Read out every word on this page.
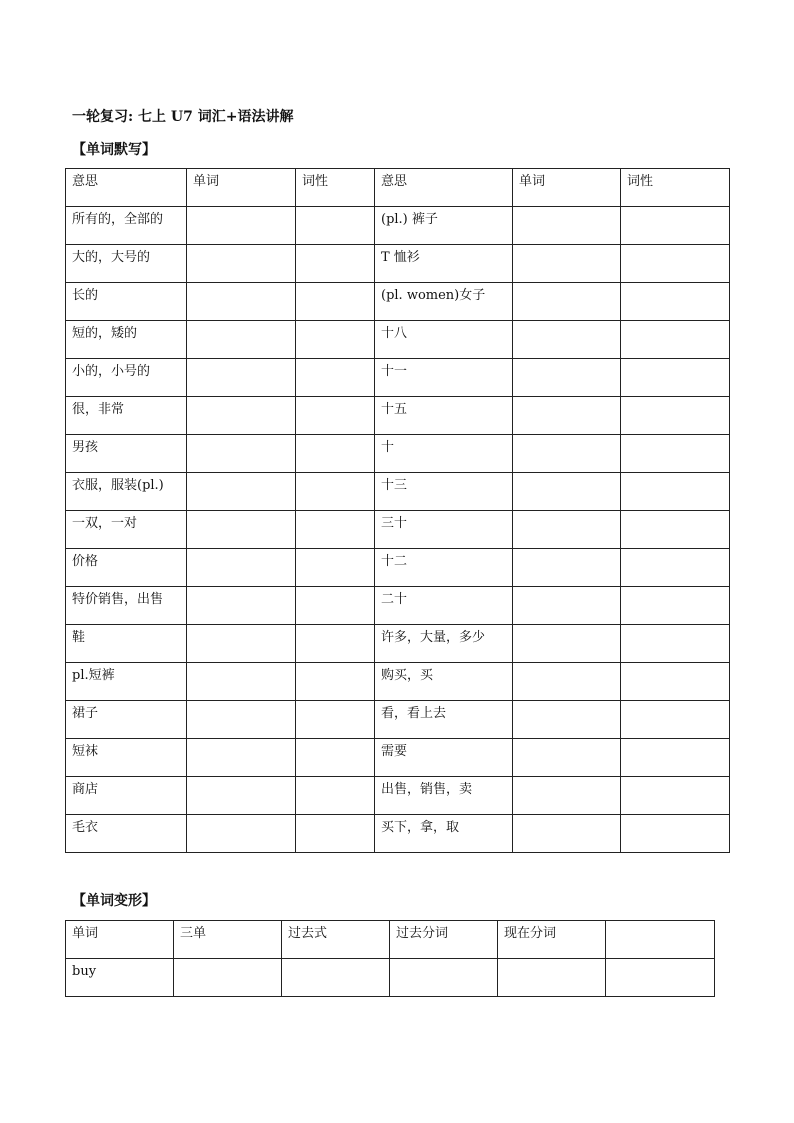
一轮复习: 七上 U7 词汇+语法讲解
【单词默写】
意思	单词	词性	意思	单词	词性
所有的，全部的			(pl.) 裤子		
大的，大号的			T 恤衫		
长的			(pl. women)女子		
短的，矮的			十八		
小的，小号的			十一		
很，非常			十五		
男孩			十		
衣服，服装(pl.)			十三		
一双，一对			三十		
价格			十二		
特价销售，出售			二十		
鞋			许多，大量，多少		
pl.短裤			购买，买		
裙子			看，看上去		
短袜			需要		
商店			出售，销售，卖		
毛衣			买下，拿，取		
【单词变形】
单词	三单	过去式	过去分词	现在分词	
buy					
